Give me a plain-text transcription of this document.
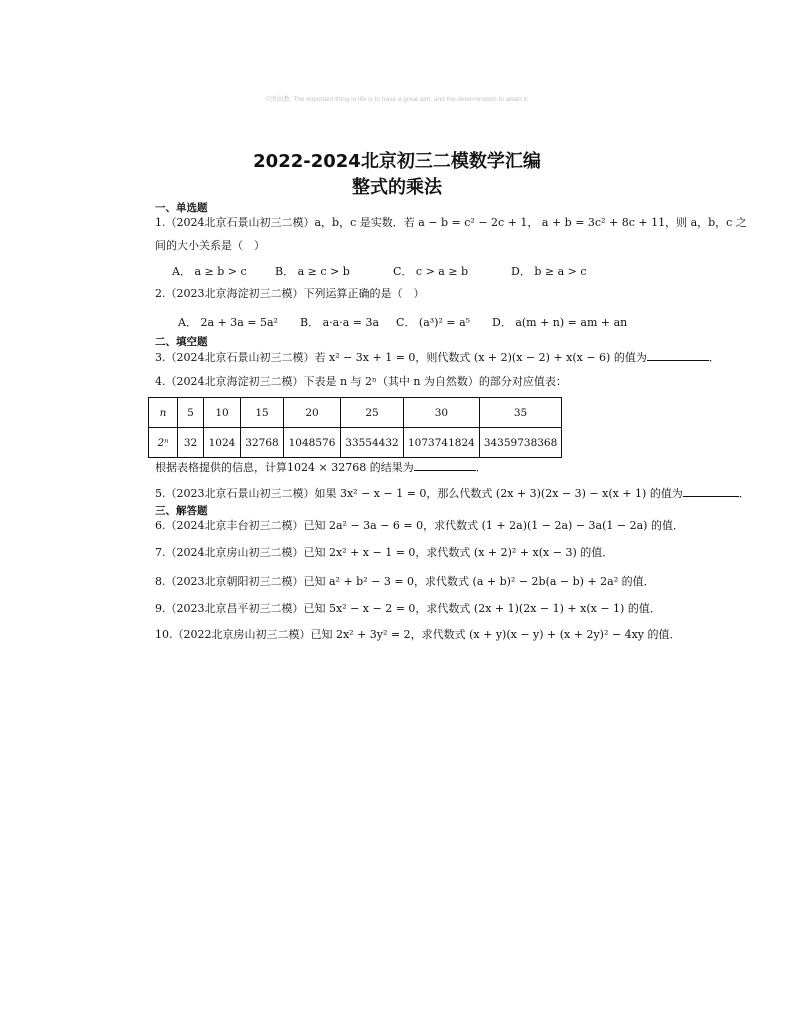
©国润教: The important thing in life is to have a great aim, and the determination to attain it.
2022-2024北京初三二模数学汇编
整式的乘法
一、单选题
1.（2024北京石景山初三二模）a，b，c 是实数．若 a − b = c² − 2c + 1， a + b = 3c² + 8c + 11，则 a，b，c 之
间的大小关系是（　）
A． a ≥ b > c	B． a ≥ c > b	C． c > a ≥ b	D． b ≥ a > c
2.（2023北京海淀初三二模）下列运算正确的是（　）
A． 2a + 3a = 5a² B． a·a·a = 3a C． (a³)² = a⁵ D． a(m + n) = am + an
二、填空题
3.（2024北京石景山初三二模）若 x² − 3x + 1 = 0，则代数式 (x + 2)(x − 2) + x(x − 6) 的值为	．
4.（2024北京海淀初三二模）下表是 n 与 2ⁿ（其中 n 为自然数）的部分对应值表：
n	5	10	15	20	25	30	35
2ⁿ	32	1024	32768	1048576	33554432	1073741824	34359738368
根据表格提供的信息，计算1024 × 32768 的结果为	．
5.（2023北京石景山初三二模）如果 3x² − x − 1 = 0，那么代数式 (2x + 3)(2x − 3) − x(x + 1) 的值为	．
三、解答题
6.（2024北京丰台初三二模）已知 2a² − 3a − 6 = 0，求代数式 (1 + 2a)(1 − 2a) − 3a(1 − 2a) 的值．
7.（2024北京房山初三二模）已知 2x² + x − 1 = 0，求代数式 (x + 2)² + x(x − 3) 的值．
8.（2023北京朝阳初三二模）已知 a² + b² − 3 = 0，求代数式 (a + b)² − 2b(a − b) + 2a² 的值．
9.（2023北京昌平初三二模）已知 5x² − x − 2 = 0，求代数式 (2x + 1)(2x − 1) + x(x − 1) 的值．
10.（2022北京房山初三二模）已知 2x² + 3y² = 2，求代数式 (x + y)(x − y) + (x + 2y)² − 4xy 的值．
